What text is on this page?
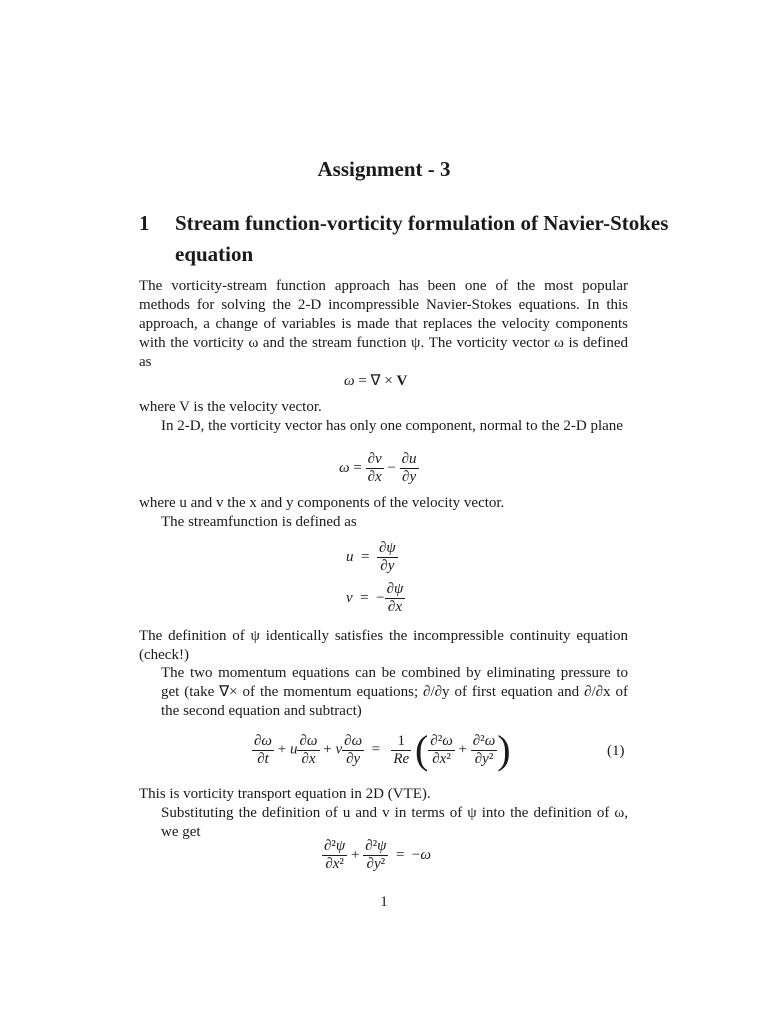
Assignment - 3
1 Stream function-vorticity formulation of Navier-Stokes equation
The vorticity-stream function approach has been one of the most popular methods for solving the 2-D incompressible Navier-Stokes equations. In this approach, a change of variables is made that replaces the velocity components with the vorticity ω and the stream function ψ. The vorticity vector ω is defined as
ω = ∇ × V
where V is the velocity vector.
In 2-D, the vorticity vector has only one component, normal to the 2-D plane
$\omega = \frac{\partial v}{\partial x} - \frac{\partial u}{\partial y}$
where u and v the x and y components of the velocity vector.
The streamfunction is defined as
$u = \frac{\partial\psi}{\partial y}$
v  =  − $\frac{\partial\psi}{\partial x}$
The definition of ψ identically satisfies the incompressible continuity equation (check!)
The two momentum equations can be combined by eliminating pressure to get (take ∇× of the momentum equations; ∂/∂y of first equation and ∂/∂x of the second equation and subtract)
$\frac{\partial\omega}{\partial t} + u \frac{\partial\omega}{\partial x} + v \frac{\partial\omega}{\partial y} = \frac{1}{Re}$ ( $\frac{\text{∂²ω}}{\text{∂x²}} + \frac{\text{∂²ω}}{\text{∂y²}}$ )	(1)
This is vorticity transport equation in 2D (VTE).
Substituting the definition of u and v in terms of ψ into the definition of ω, we get
$\frac{\text{∂²ψ}}{\text{∂x²}} + \frac{\text{∂²ψ}}{\text{∂y²}} = -\omega$
1
